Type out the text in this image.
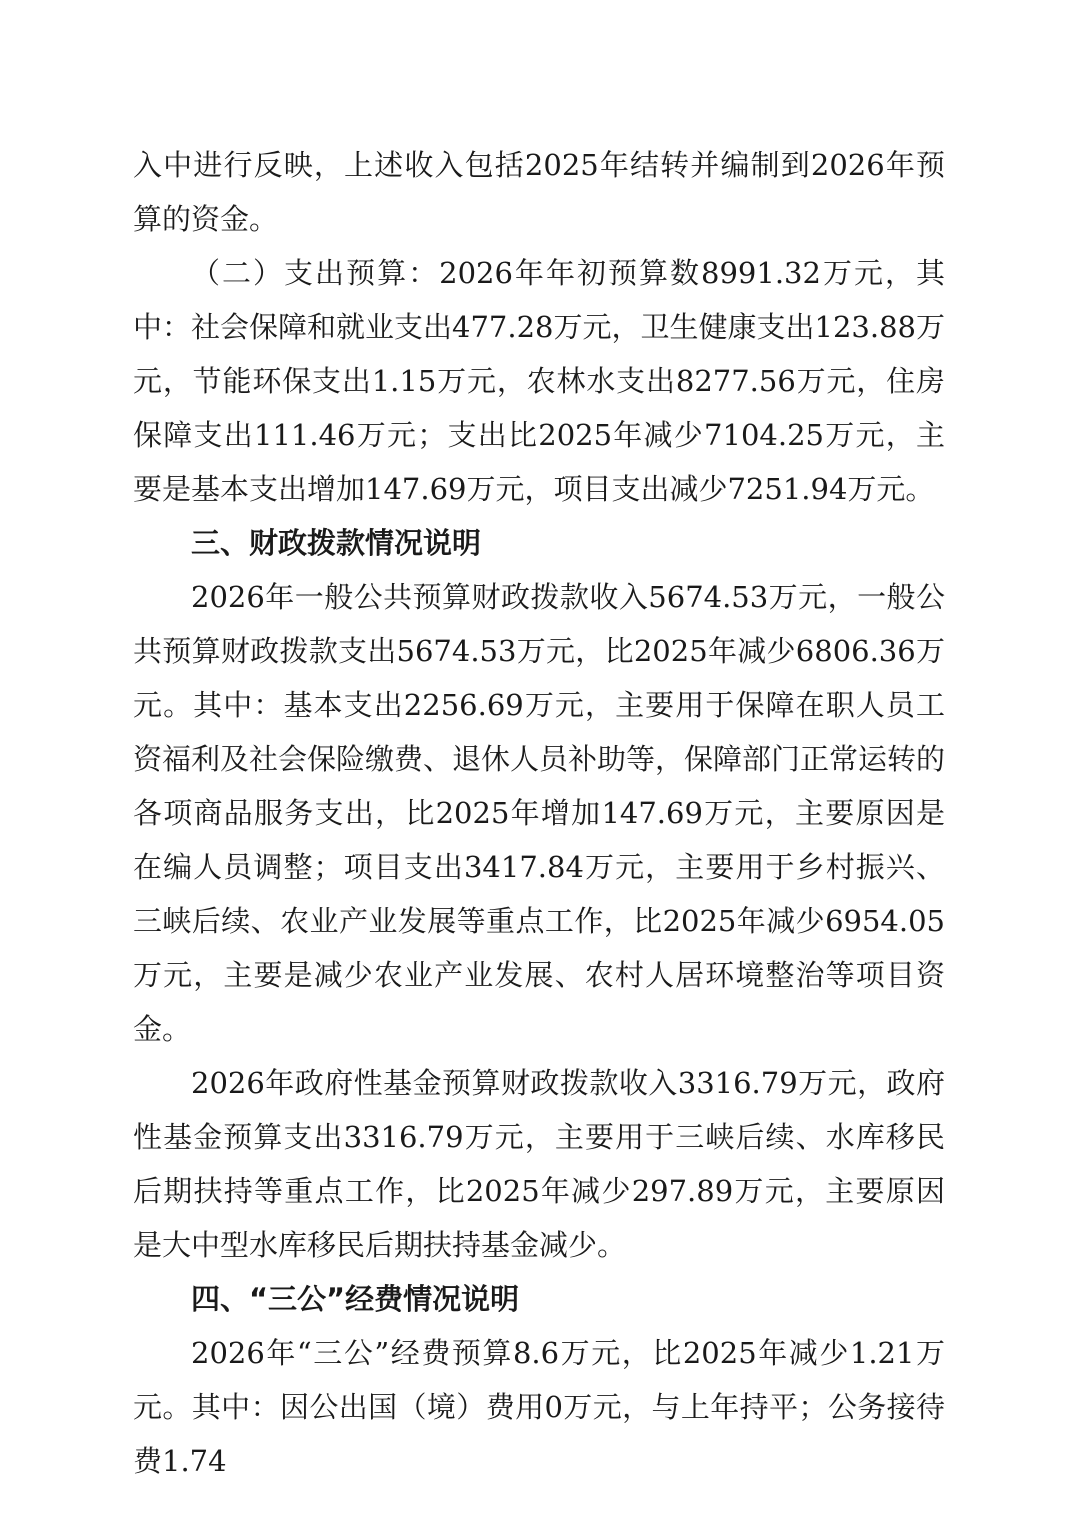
入中进行反映，上述收入包括2025年结转并编制到2026年预算的资金。

（二）支出预算：2026年年初预算数8991.32万元，其中：社会保障和就业支出477.28万元，卫生健康支出123.88万元，节能环保支出1.15万元，农林水支出8277.56万元，住房保障支出111.46万元；支出比2025年减少7104.25万元，主要是基本支出增加147.69万元，项目支出减少7251.94万元。

三、财政拨款情况说明

2026年一般公共预算财政拨款收入5674.53万元，一般公共预算财政拨款支出5674.53万元，比2025年减少6806.36万元。其中：基本支出2256.69万元，主要用于保障在职人员工资福利及社会保险缴费、退休人员补助等，保障部门正常运转的各项商品服务支出，比2025年增加147.69万元，主要原因是在编人员调整；项目支出3417.84万元，主要用于乡村振兴、三峡后续、农业产业发展等重点工作，比2025年减少6954.05万元，主要是减少农业产业发展、农村人居环境整治等项目资金。

2026年政府性基金预算财政拨款收入3316.79万元，政府性基金预算支出3316.79万元，主要用于三峡后续、水库移民后期扶持等重点工作，比2025年减少297.89万元，主要原因是大中型水库移民后期扶持基金减少。

四、“三公”经费情况说明

2026年“三公”经费预算8.6万元，比2025年减少1.21万元。其中：因公出国（境）费用0万元，与上年持平；公务接待费1.74
